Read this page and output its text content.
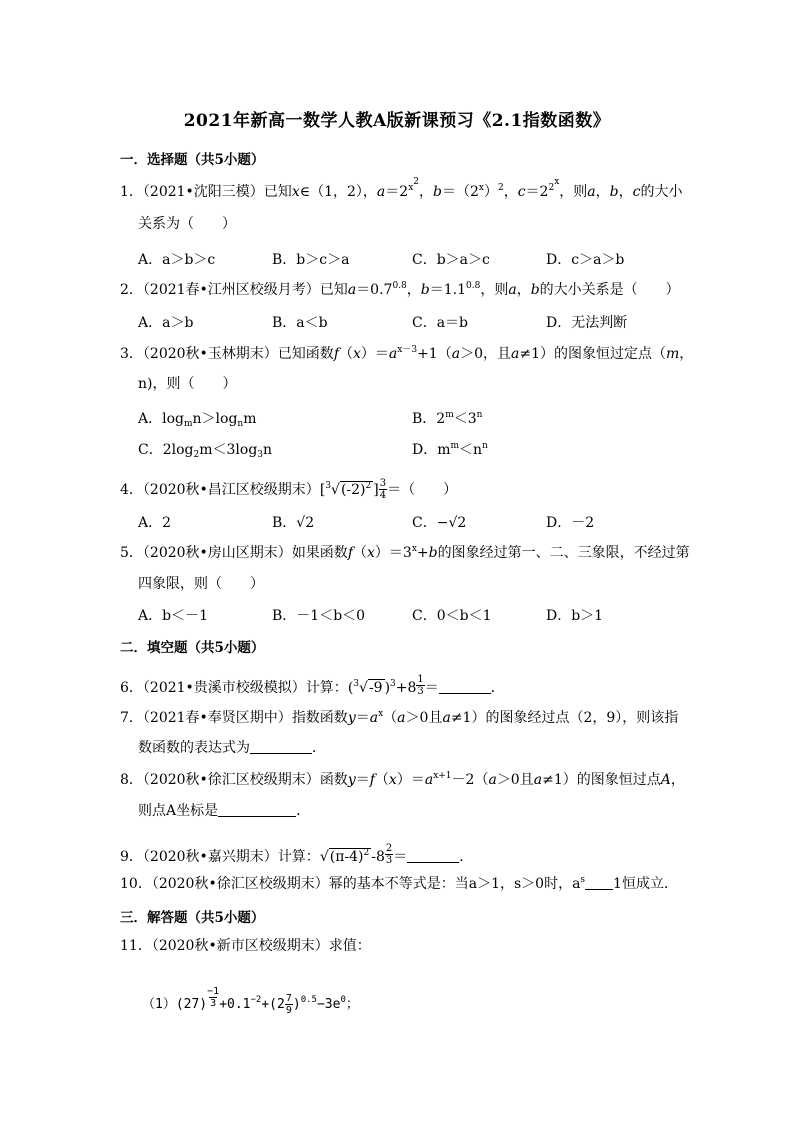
2021年新高一数学人教A版新课预习《2.1指数函数》
一．选择题（共5小题）
1．（2021•沈阳三模）已知x∈（1，2），$a=2^{x^2}$，$b=(2^x)^2$，$c=2^{2^x}$，则a，b，c的大小
关系为（　　）
A．a＞b＞c	B．b＞c＞a	C．b＞a＞c	D．c＞a＞b
2．（2021春•江州区校级月考）已知$a=0.7^{0.8}$，$b=1.1^{0.8}$，则a，b的大小关系是（　　）
A．a＞b	B．a＜b	C．a＝b	D．无法判断
3．（2020秋•玉林期末）已知函数$f(x)=a^{x-3}+1(a>0$，且a≠1）的图象恒过定点（m，
n)，则（　　）
A．$\log_mn>\log_nm$	B．$2^m<3^n$
C．$2\log_2m<3\log_3n$	D．$m^m<n^n$
4．（2020秋•昌江区校级期末）[$^3√(-2)^2$ ] $\frac{3}{4}$ ＝（　　）
A．2	B．√2	C．−√2	D．－2
5．（2020秋•房山区期末）如果函数$f(x)=3^x+b$的图象经过第一、二、三象限，不经过第
四象限，则（　　）
A．b＜－1	B．－1＜b＜0	C．0＜b＜1	D．b＞1
二．填空题（共5小题）
6．（2021•贵溪市校级模拟）计算：($^3$√-9 )$^3+8 \frac{1}{3}$ ＝	．
7．（2021春•奉贤区期中）指数函数$y=a^x(a>0$且a≠1）的图象经过点（2，9），则该指
数函数的表达式为	．
8．（2020秋•徐汇区校级期末）函数$y=f(x)=a^{x+1}-2(a>0$且a≠1）的图象恒过点A，
则点A坐标是	．
9．（2020秋•嘉兴期末）计算：$√(\pi-4)^2$ $-8 \frac{2}{3}$ ＝	．
10．（2020秋•徐汇区校级期末）幂的基本不等式是：当a＞1，s＞0时，$a^s$ 1恒成立．
三．解答题（共5小题）
11．（2020秋•新市区校级期末）求值：
$(1)(27) \frac{-1}{3} +0.1^{-2}+(2 \frac{7}{9} )^{0.5}-3e^0$；
